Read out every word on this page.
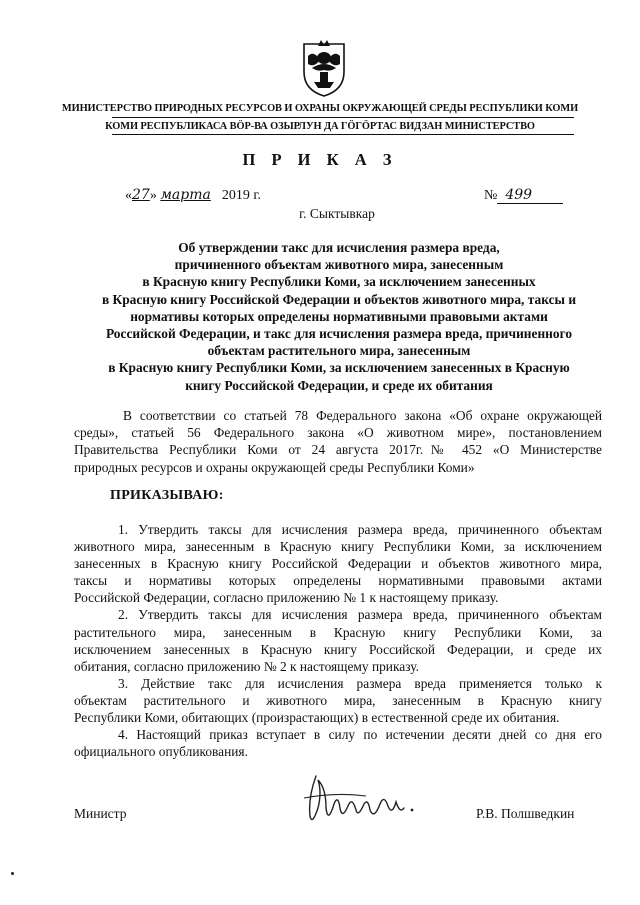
МИНИСТЕРСТВО ПРИРОДНЫХ РЕСУРСОВ И ОХРАНЫ ОКРУЖАЮЩЕЙ СРЕДЫ РЕСПУБЛИКИ КОМИ
КОМИ РЕСПУБЛИКАСА ВӦР-ВА ОЗЫРЛУН ДА ГӦГӦРТАС ВИДЗАН МИНИСТЕРСТВО
П Р И К А З
«27» марта 2019 г.	№ 499
г. Сыктывкар
Об утверждении такс для исчисления размера вреда,
причиненного объектам животного мира, занесенным
в Красную книгу Республики Коми, за исключением занесенных
в Красную книгу Российской Федерации и объектов животного мира, таксы и
нормативы которых определены нормативными правовыми актами
Российской Федерации, и такс для исчисления размера вреда, причиненного
объектам растительного мира, занесенным
в Красную книгу Республики Коми, за исключением занесенных в Красную
книгу Российской Федерации, и среде их обитания
В соответствии со статьей 78 Федерального закона «Об охране окружающей
среды», статьей 56 Федерального закона «О животном мире», постановлением
Правительства Республики Коми от 24 августа 2017г.№ 452 «О Министерстве
природных ресурсов и охраны окружающей среды Республики Коми»
ПРИКАЗЫВАЮ:
1. Утвердить таксы для исчисления размера вреда, причиненного объектам
животного мира, занесенным в Красную книгу Республики Коми, за исключением
занесенных в Красную книгу Российской Федерации и объектов животного мира,
таксы и нормативы которых определены нормативными правовыми актами
Российской Федерации, согласно приложению № 1 к настоящему приказу.
2. Утвердить таксы для исчисления размера вреда, причиненного объектам
растительного мира, занесенным в Красную книгу Республики Коми, за
исключением занесенных в Красную книгу Российской Федерации, и среде их
обитания, согласно приложению № 2 к настоящему приказу.
3. Действие такс для исчисления размера вреда применяется только к
объектам растительного и животного мира, занесенным в Красную книгу
Республики Коми, обитающих (произрастающих) в естественной среде их обитания.
4. Настоящий приказ вступает в силу по истечении десяти дней со дня его
официального опубликования.
Министр	Р.В. Полшведкин
